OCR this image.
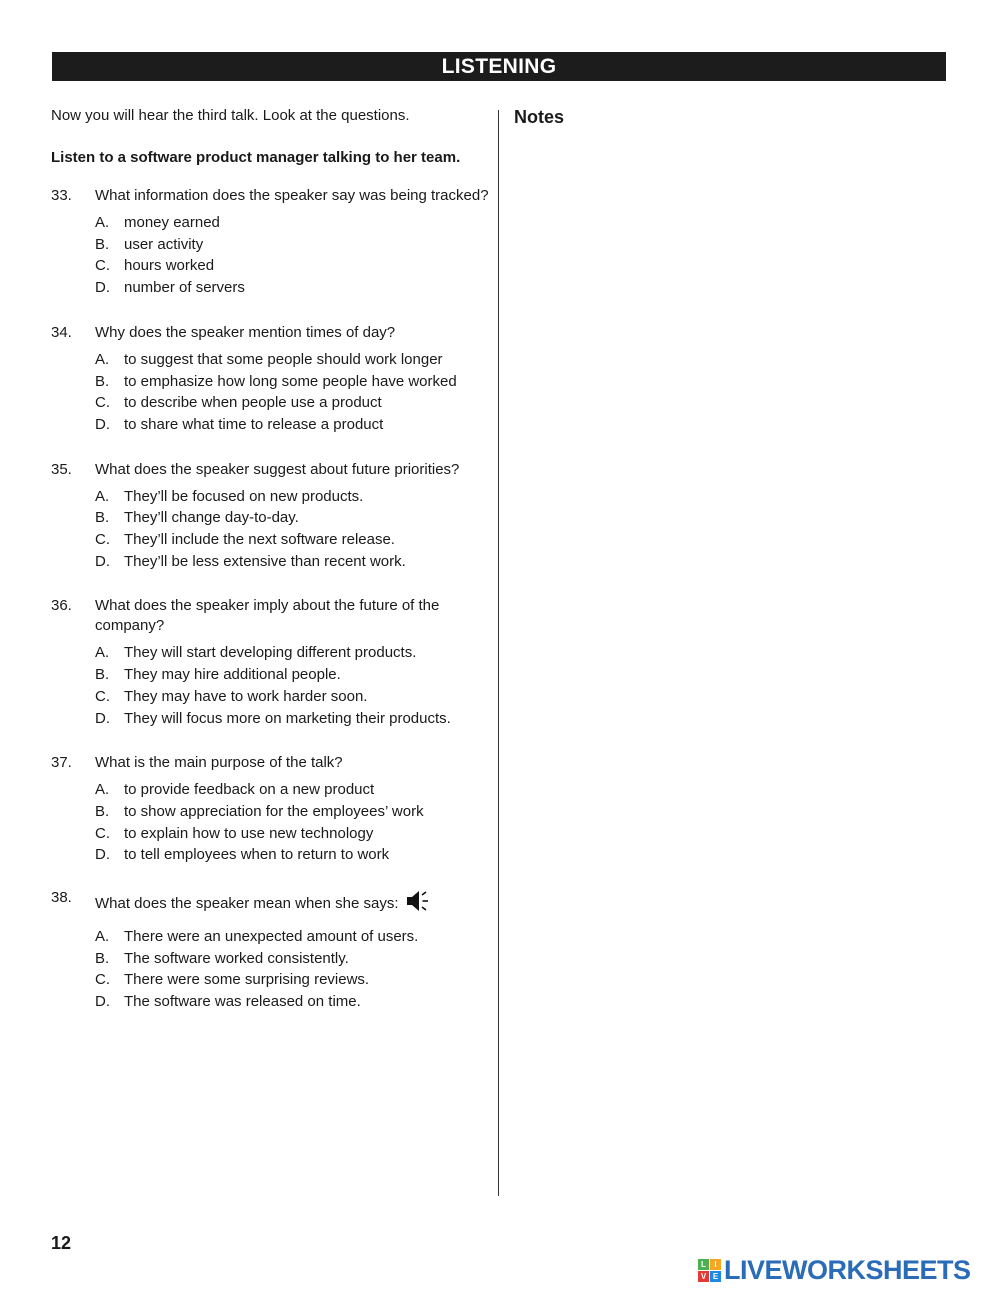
LISTENING

Now you will hear the third talk. Look at the questions.

Listen to a software product manager talking to her team.

33.	What information does the speaker say was being tracked?
A. money earned
B. user activity
C. hours worked
D. number of servers
34.	Why does the speaker mention times of day?
A. to suggest that some people should work longer
B. to emphasize how long some people have worked
C. to describe when people use a product
D. to share what time to release a product
35.	What does the speaker suggest about future priorities?
A. They’ll be focused on new products.
B. They’ll change day-to-day.
C. They’ll include the next software release.
D. They’ll be less extensive than recent work.
36.	What does the speaker imply about the future of the company?
A. They will start developing different products.
B. They may hire additional people.
C. They may have to work harder soon.
D. They will focus more on marketing their products.
37.	What is the main purpose of the talk?
A. to provide feedback on a new product
B. to show appreciation for the employees’ work
C. to explain how to use new technology
D. to tell employees when to return to work
38.	What does the speaker mean when she says:
A. There were an unexpected amount of users.
B. The software worked consistently.
C. There were some surprising reviews.
D. The software was released on time.
Notes
12
L	I
V E LIVEWORKSHEETS
